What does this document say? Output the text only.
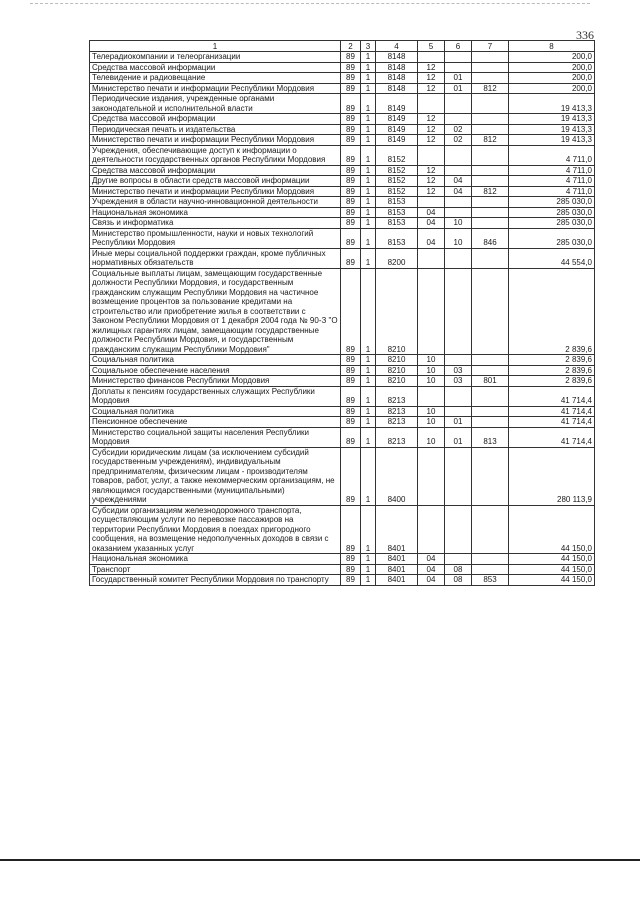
336
1	2	3	4	5	6	7	8
Телерадиокомпании и телеорганизации	89	1	8148				200,0
Средства массовой информации	89	1	8148	12			200,0
Телевидение и радиовещание	89	1	8148	12	01		200,0
Министерство печати и информации Республики Мордовия	89	1	8148	12	01	812	200,0
Периодические издания, учрежденные органами законодательной и исполнительной власти	89	1	8149				19 413,3
Средства массовой информации	89	1	8149	12			19 413,3
Периодическая печать и издательства	89	1	8149	12	02		19 413,3
Министерство печати и информации Республики Мордовия	89	1	8149	12	02	812	19 413,3
Учреждения, обеспечивающие доступ к информации о деятельности государственных органов Республики Мордовия	89	1	8152				4 711,0
Средства массовой информации	89	1	8152	12			4 711,0
Другие вопросы в области средств массовой информации	89	1	8152	12	04		4 711,0
Министерство печати и информации Республики Мордовия	89	1	8152	12	04	812	4 711,0
Учреждения в области научно-инновационной деятельности	89	1	8153				285 030,0
Национальная экономика	89	1	8153	04			285 030,0
Связь и информатика	89	1	8153	04	10		285 030,0
Министерство промышленности, науки и новых технологий Республики Мордовия	89	1	8153	04	10	846	285 030,0
Иные меры социальной поддержки граждан, кроме публичных нормативных обязательств	89	1	8200				44 554,0
Социальные выплаты лицам, замещающим государственные должности Республики Мордовия, и государственным гражданским служащим Республики Мордовия на частичное возмещение процентов за пользование кредитами на строительство или приобретение жилья в соответствии с Законом Республики Мордовия от 1 декабря 2004 года № 90-З "О жилищных гарантиях лицам, замещающим государственные должности Республики Мордовия, и государственным гражданским служащим Республики Мордовия"	89	1	8210				2 839,6
Социальная политика	89	1	8210	10			2 839,6
Социальное обеспечение населения	89	1	8210	10	03		2 839,6
Министерство финансов Республики Мордовия	89	1	8210	10	03	801	2 839,6
Доплаты к пенсиям государственных служащих Республики Мордовия	89	1	8213				41 714,4
Социальная политика	89	1	8213	10			41 714,4
Пенсионное обеспечение	89	1	8213	10	01		41 714,4
Министерство социальной защиты населения Республики Мордовия	89	1	8213	10	01	813	41 714,4
Субсидии юридическим лицам (за исключением субсидий государственным учреждениям), индивидуальным предпринимателям, физическим лицам - производителям товаров, работ, услуг, а также некоммерческим организациям, не являющимся государственными (муниципальными) учреждениями	89	1	8400				280 113,9
Субсидии организациям железнодорожного транспорта, осуществляющим услуги по перевозке пассажиров на территории Республики Мордовия в поездах пригородного сообщения, на возмещение недополученных доходов в связи с оказанием указанных услуг	89	1	8401				44 150,0
Национальная экономика	89	1	8401	04			44 150,0
Транспорт	89	1	8401	04	08		44 150,0
Государственный комитет Республики Мордовия по транспорту	89	1	8401	04	08	853	44 150,0
